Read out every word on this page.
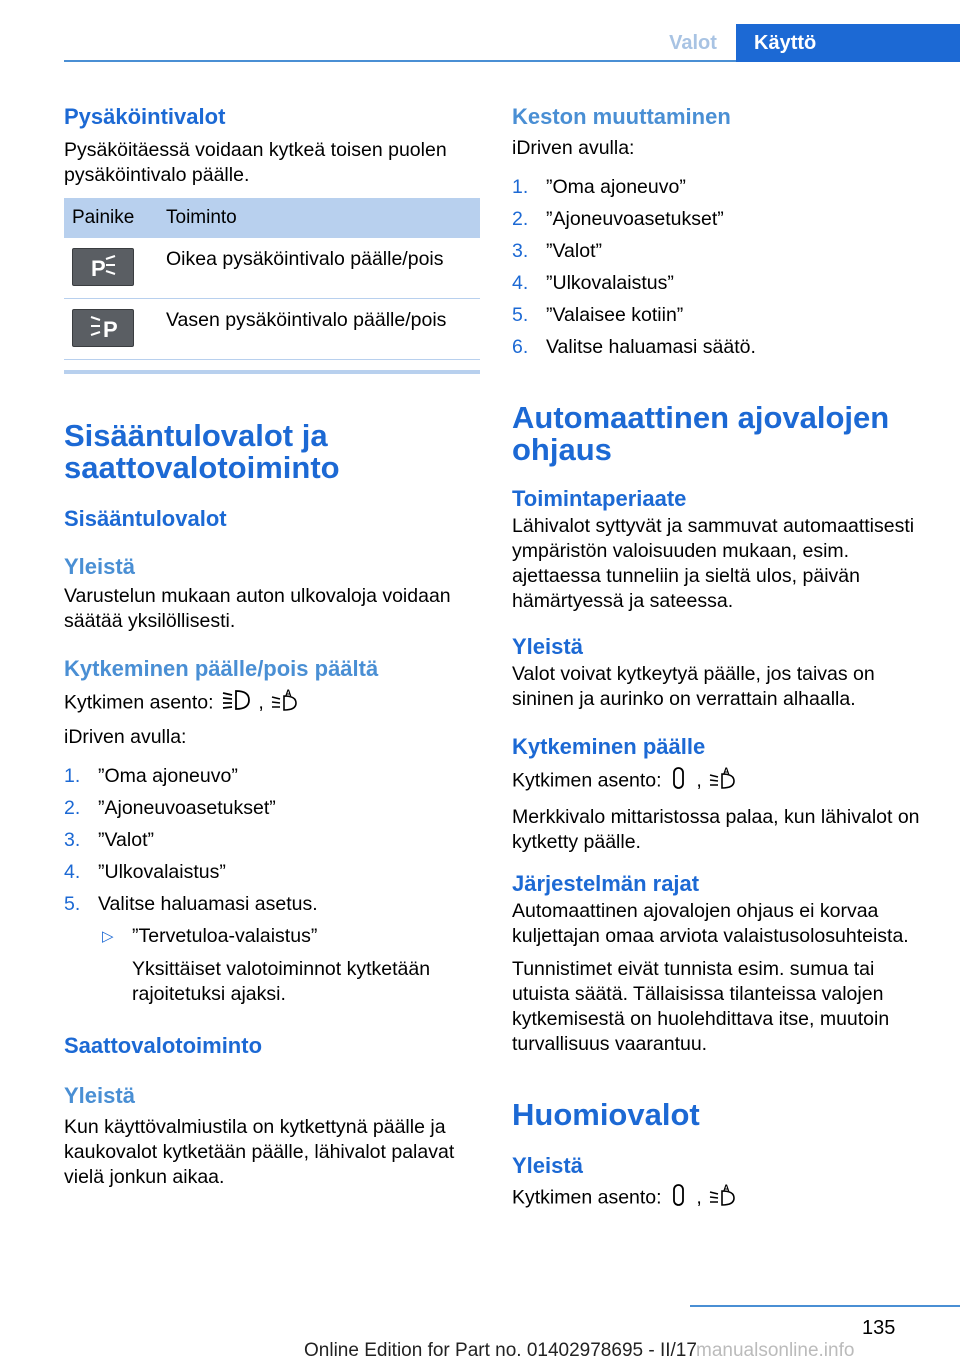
Valot	Käyttö
Pysäköintivalot

Pysäköitäessä voidaan kytkeä toisen puolen pysäköintivalo päälle.

Painike	Toiminto

P	Oikea pysäköintivalo päälle/pois

P	Vasen pysäköintivalo päälle/pois
Sisääntulovalot ja saattovalotoiminto
Sisääntulovalot
Yleistä

Varustelun mukaan auton ulkovaloja voidaan säätää yksilöllisesti.

Kytkeminen päälle/pois päältä

Kytkimen asento: , A

iDriven avulla:

1. ”Oma ajoneuvo”
2. ”Ajoneuvoasetukset”
3. ”Valot”
4. ”Ulkovalaistus”
5. Valitse haluamasi asetus.
▷ ”Tervetuloa-valaistus”
Yksittäiset valotoiminnot kytketään rajoitetuksi ajaksi.
Saattovalotoiminto
Yleistä

Kun käyttövalmiustila on kytkettynä päälle ja kaukovalot kytketään päälle, lähivalot palavat vielä jonkun aikaa.

Keston muuttaminen

iDriven avulla:

1. ”Oma ajoneuvo”
2. ”Ajoneuvoasetukset”
3. ”Valot”
4. ”Ulkovalaistus”
5. ”Valaisee kotiin”
6. Valitse haluamasi säätö.
Automaattinen ajovalojen ohjaus
Toimintaperiaate

Lähivalot syttyvät ja sammuvat automaattisesti ympäristön valoisuuden mukaan, esim. ajettaessa tunneliin ja sieltä ulos, päivän hämärtyessä ja sateessa.

Yleistä

Valot voivat kytkeytyä päälle, jos taivas on sininen ja aurinko on verrattain alhaalla.

Kytkeminen päälle

Kytkimen asento: , A

Merkkivalo mittaristossa palaa, kun lähivalot on kytketty päälle.

Järjestelmän rajat

Automaattinen ajovalojen ohjaus ei korvaa kuljettajan omaa arviota valaistusolosuhteista.

Tunnistimet eivät tunnista esim. sumua tai utuista säätä. Tällaisissa tilanteissa valojen kytkemisestä on huolehdittava itse, muutoin turvallisuus vaarantuu.

Huomiovalot
Yleistä

Kytkimen asento: , A

135
Online Edition for Part no. 01402978695 - II/17 manualsonline.info
